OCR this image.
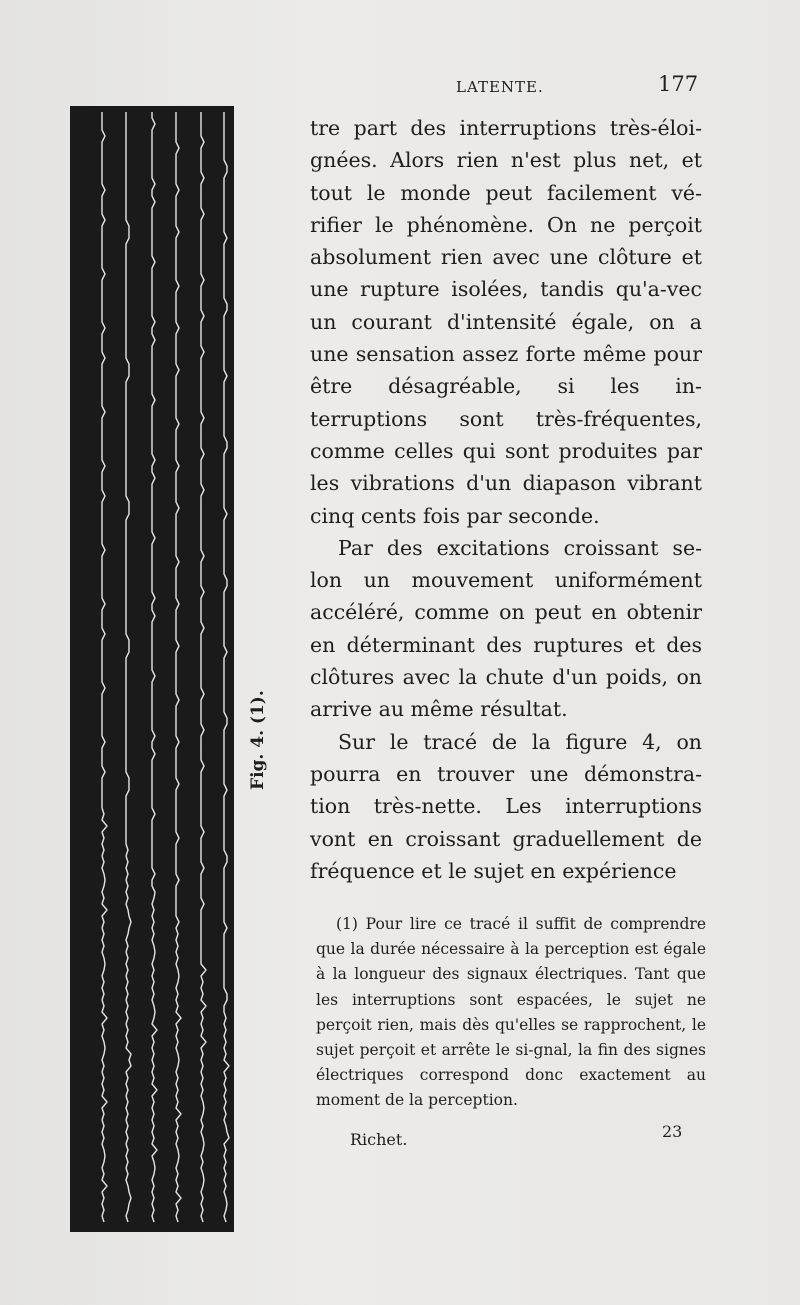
LATENTE.	177
Fig. 4. (1).

tre part des interruptions très-éloi-gnées. Alors rien n'est plus net, et tout le monde peut facilement vé-rifier le phénomène. On ne perçoit absolument rien avec une clôture et une rupture isolées, tandis qu'a-vec un courant d'intensité égale, on a une sensation assez forte même pour être désagréable, si les in-terruptions sont très-fréquentes, comme celles qui sont produites par les vibrations d'un diapason vibrant cinq cents fois par seconde.

Par des excitations croissant se-lon un mouvement uniformément accéléré, comme on peut en obtenir en déterminant des ruptures et des clôtures avec la chute d'un poids, on arrive au même résultat.

Sur le tracé de la figure 4, on pourra en trouver une démonstra-tion très-nette. Les interruptions vont en croissant graduellement de fréquence et le sujet en expérience

(1) Pour lire ce tracé il suffit de comprendre que la durée nécessaire à la perception est égale à la longueur des signaux électriques. Tant que les interruptions sont espacées, le sujet ne perçoit rien, mais dès qu'elles se rapprochent, le sujet perçoit et arrête le si-gnal, la fin des signes électriques correspond donc exactement au moment de la perception.

Richet.	23
